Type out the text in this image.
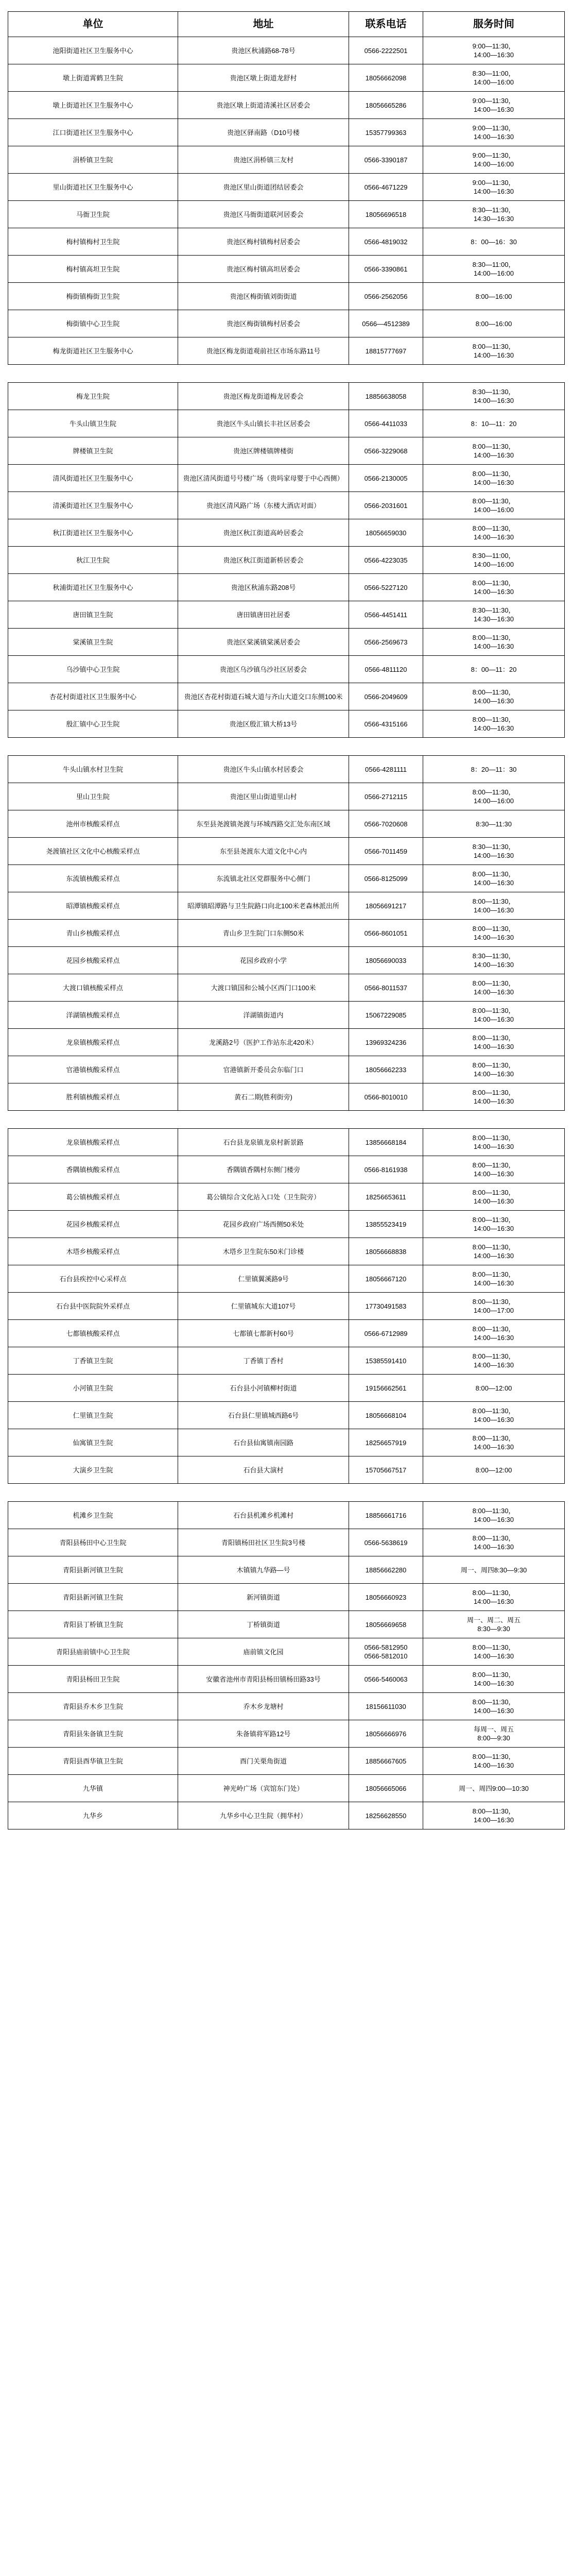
单位	地址	联系电话	服务时间
池阳街道社区卫生服务中心	贵池区秋浦路68-78号	0566-2222501	9:00—11:30，
14:00—16:30
墩上街道霄鹤卫生院	贵池区墩上街道龙舒村	18056662098	8:30—11:00，
14:00—16:00
墩上街道社区卫生服务中心	贵池区墩上街道清溪社区居委会	18056665286	9:00—11:30，
14:00—16:30
江口街道社区卫生服务中心	贵池区驿南路（D10号楼	15357799363	9:00—11:30，
14:00—16:30
涓桥镇卫生院	贵池区涓桥镇三友村	0566-3390187	9:00—11:30，
14:00—16:00
里山街道社区卫生服务中心	贵池区里山街道团结居委会	0566-4671229	9:00—11:30，
14:00—16:30
马衙卫生院	贵池区马衙街道联河居委会	18056696518	8:30—11:30，
14:30—16:30
梅村镇梅村卫生院	贵池区梅村镇梅村居委会	0566-4819032	8：00—16：30
梅村镇高坦卫生院	贵池区梅村镇高坦居委会	0566-3390861	8:30—11:00，
14:00—16:00
梅街镇梅街卫生院	贵池区梅街镇刘街街道	0566-2562056	8:00—16:00
梅街镇中心卫生院	贵池区梅街镇梅村居委会	0566—4512389	8:00—16:00
梅龙街道社区卫生服务中心	贵池区梅龙街道观前社区市场东路11号	18815777697	8:00—11:30，
14:00—16:30
梅龙卫生院	贵池区梅龙街道梅龙居委会	18856638058	8:30—11:30，
14:00—16:30
牛头山镇卫生院	贵池区牛头山镇长丰社区居委会	0566-4411033	8：10—11：20
牌楼镇卫生院	贵池区牌楼镇牌楼街	0566-3229068	8:00—11:30，
14:00—16:30
清风街道社区卫生服务中心	贵池区清风街道号号楼广场（贵吗家母婴于中心西侧）	0566-2130005	8:00—11:30，
14:00—16:30
清溪街道社区卫生服务中心	贵池区清风路广场（东楼大酒店对面）	0566-2031601	8:00—11:30，
14:00—16:00
秋江街道社区卫生服务中心	贵池区秋江街道高岭居委会	18056659030	8:00—11:30，
14:00—16:30
秋江卫生院	贵池区秋江街道新桥居委会	0566-4223035	8:30—11:00，
14:00—16:00
秋浦街道社区卫生服务中心	贵池区秋浦东路208号	0566-5227120	8:00—11:30，
14:00—16:30
唐田镇卫生院	唐田镇唐田社居委	0566-4451411	8:30—11:30，
14:30—16:30
棠溪镇卫生院	贵池区棠溪镇棠溪居委会	0566-2569673	8:00—11:30，
14:00—16:30
乌沙镇中心卫生院	贵池区乌沙镇乌沙社区居委会	0566-4811120	8：00—11：20
杏花村街道社区卫生服务中心	贵池区杏花村街道石城大道与齐山大道交口东侧100米	0566-2049609	8:00—11:30，
14:00—16:30
殷汇镇中心卫生院	贵池区殷汇镇大桥13号	0566-4315166	8:00—11:30，
14:00—16:30
牛头山镇水村卫生院	贵池区牛头山镇水村居委会	0566-4281111	8：20—11：30
里山卫生院	贵池区里山街道里山村	0566-2712115	8:00—11:30，
14:00—16:00
池州市核酸采样点	东至县尧渡镇尧渡与环城西路交汇处东南区域	0566-7020608	8:30—11:30
尧渡镇社区文化中心核酸采样点	东至县尧渡东大道文化中心内	0566-7011459	8:30—11:30，
14:00—16:30
东流镇核酸采样点	东流镇北社区党群服务中心侧门	0566-8125099	8:00—11:30，
14:00—16:30
昭潭镇核酸采样点	昭潭镇昭潭路与卫生院路口向北100米老森林派出所	18056691217	8:00—11:30，
14:00—16:30
青山乡核酸采样点	青山乡卫生院门口东侧50米	0566-8601051	8:00—11:30，
14:00—16:30
花园乡核酸采样点	花园乡政府小学	18056690033	8:30—11:30，
14:00—16:30
大渡口镇核酸采样点	大渡口镇国和公城小区西门口100米	0566-8011537	8:00—11:30，
14:00—16:30
洋湖镇核酸采样点	洋湖镇街道内	15067229085	8:00—11:30，
14:00—16:30
龙泉镇核酸采样点	龙溪路2号（医护工作站东北420米）	13969324236	8:00—11:30，
14:00—16:30
官港镇核酸采样点	官港镇新开委员会东临门口	18056662233	8:00—11:30，
14:00—16:30
胜利镇核酸采样点	黄石二期(胜利街旁)	0566-8010010	8:00—11:30，
14:00—16:30
龙泉镇核酸采样点	石台县龙泉镇龙泉村新景路	13856668184	8:00—11:30，
14:00—16:30
香隅镇核酸采样点	香隅镇香隅村东侧门楼旁	0566-8161938	8:00—11:30，
14:00—16:30
葛公镇核酸采样点	葛公镇综合文化站入口处（卫生院旁）	18256653611	8:00—11:30，
14:00—16:30
花园乡核酸采样点	花园乡政府广场西侧50米处	13855523419	8:00—11:30，
14:00—16:30
木塔乡核酸采样点	木塔乡卫生院东50米门诊楼	18056668838	8:00—11:30，
14:00—16:30
石台县疾控中心采样点	仁里镇翼溪路9号	18056667120	8:00—11:30，
14:00—16:30
石台县中医院院外采样点	仁里镇城东大道107号	17730491583	8:00—11:30，
14:00—17:00
七都镇核酸采样点	七都镇七都新村60号	0566-6712989	8:00—11:30，
14:00—16:30
丁香镇卫生院	丁香镇丁香村	15385591410	8:00—11:30，
14:00—16:30
小河镇卫生院	石台县小河镇柳村街道	19156662561	8:00—12:00
仁里镇卫生院	石台县仁里镇城西路6号	18056668104	8:00—11:30，
14:00—16:30
仙寓镇卫生院	石台县仙寓镇南园路	18256657919	8:00—11:30，
14:00—16:30
大演乡卫生院	石台县大演村	15705667517	8:00—12:00
机滩乡卫生院	石台县机滩乡机滩村	18856661716	8:00—11:30，
14:00—16:30
青阳县杨田中心卫生院	青阳镇杨田社区卫生院3号楼	0566-5638619	8:00—11:30，
14:00—16:30
青阳县新河镇卫生院	木镇镇九华路—号	18856662280	周一、周四8:30—9:30
青阳县新河镇卫生院	新河镇街道	18056660923	8:00—11:30，
14:00—16:30
青阳县丁桥镇卫生院	丁桥镇街道	18056669658	周一、周二、周五
8:30—9:30
青阳县庙前镇中心卫生院	庙前镇文化园	0566-5812950
0566-5812010	8:00—11:30，
14:00—16:30
青阳县杨田卫生院	安徽省池州市青阳县杨田镇杨田路33号	0566-5460063	8:00—11:30，
14:00—16:30
青阳县乔木乡卫生院	乔木乡龙塘村	18156611030	8:00—11:30，
14:00—16:30
青阳县朱备镇卫生院	朱备镇将军路12号	18056666976	每周一、周五
8:00—9:30
青阳县酉华镇卫生院	酉门关栗角街道	18856667605	8:00—11:30，
14:00—16:30
九华镇	神光岭广场（宾馆东门处）	18056665066	周一、周四9:00—10:30
九华乡	九华乡中心卫生院（拥华村）	18256628550	8:00—11:30，
14:00—16:30
